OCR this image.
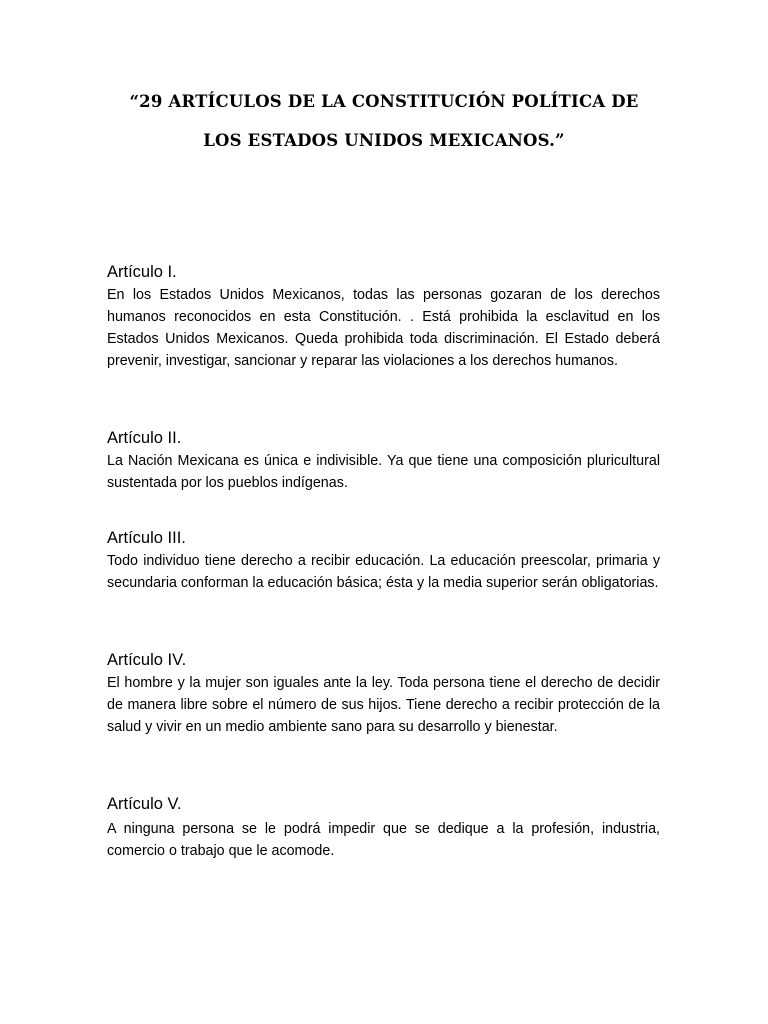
“29 ARTÍCULOS DE LA CONSTITUCIÓN POLÍTICA DE
LOS ESTADOS UNIDOS MEXICANOS.”
Artículo I.

En los Estados Unidos Mexicanos, todas las personas gozaran de los derechos humanos reconocidos en esta Constitución. . Está prohibida la esclavitud en los Estados Unidos Mexicanos. Queda prohibida toda discriminación. El Estado deberá prevenir, investigar, sancionar y reparar las violaciones a los derechos humanos.

Artículo II.

La Nación Mexicana es única e indivisible. Ya que tiene una composición pluricultural sustentada por los pueblos indígenas.

Artículo III.

Todo individuo tiene derecho a recibir educación. La educación preescolar, primaria y secundaria conforman la educación básica; ésta y la media superior serán obligatorias.

Artículo IV.

El hombre y la mujer son iguales ante la ley. Toda persona tiene el derecho de decidir de manera libre sobre el número de sus hijos. Tiene derecho a recibir protección de la salud y vivir en un medio ambiente sano para su desarrollo y bienestar.

Artículo V.

A ninguna persona se le podrá impedir que se dedique a la profesión, industria, comercio o trabajo que le acomode.
